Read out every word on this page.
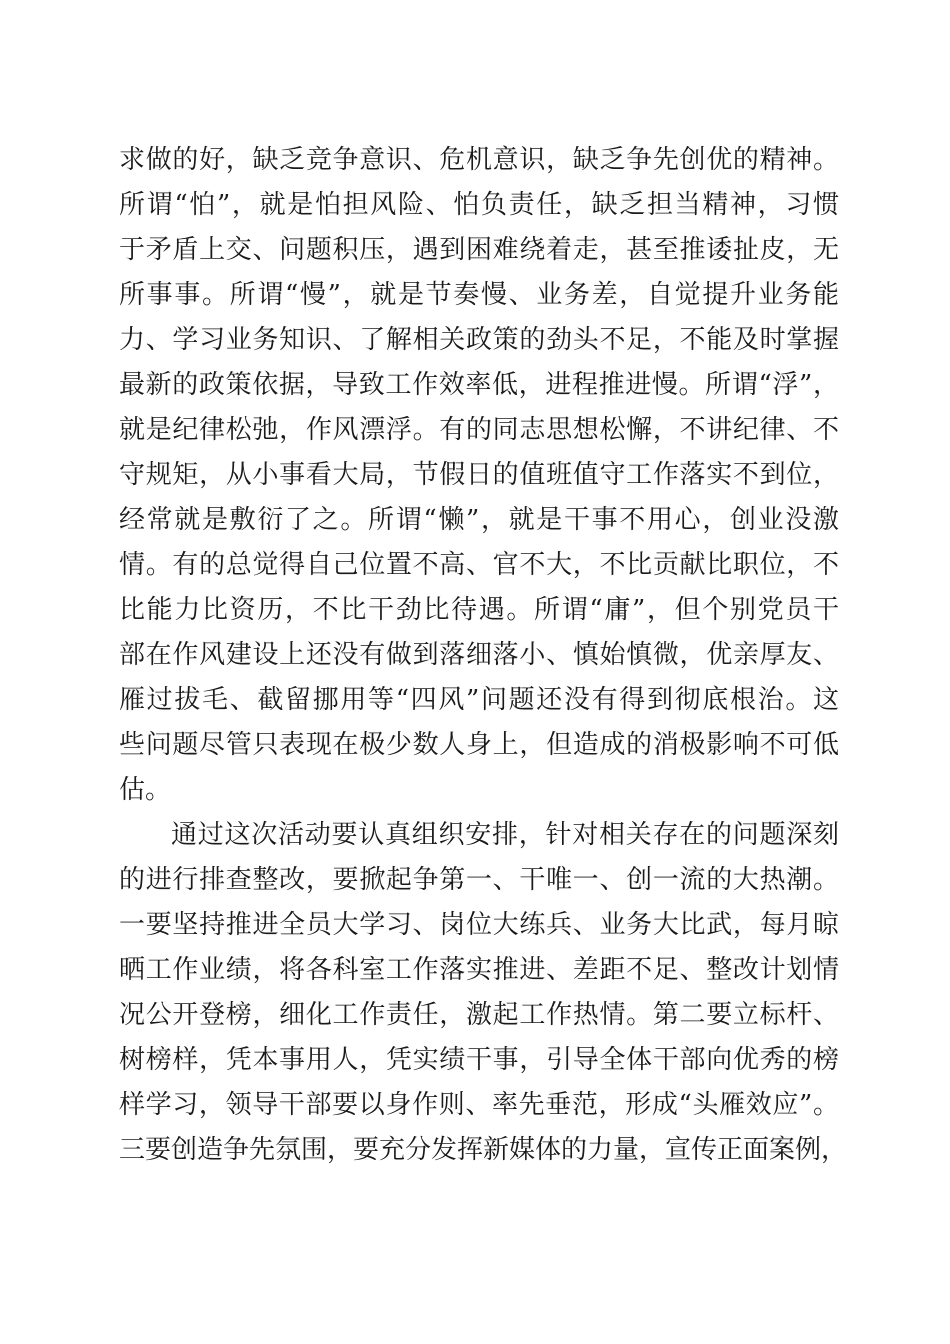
求做的好，缺乏竞争意识、危机意识，缺乏争先创优的精神。
所谓“怕”，就是怕担风险、怕负责任，缺乏担当精神，习惯
于矛盾上交、问题积压，遇到困难绕着走，甚至推诿扯皮，无
所事事。所谓“慢”，就是节奏慢、业务差，自觉提升业务能
力、学习业务知识、了解相关政策的劲头不足，不能及时掌握
最新的政策依据，导致工作效率低，进程推进慢。所谓“浮”，
就是纪律松弛，作风漂浮。有的同志思想松懈，不讲纪律、不
守规矩，从小事看大局，节假日的值班值守工作落实不到位，
经常就是敷衍了之。所谓“懒”，就是干事不用心，创业没激
情。有的总觉得自己位置不高、官不大，不比贡献比职位，不
比能力比资历，不比干劲比待遇。所谓“庸”，但个别党员干
部在作风建设上还没有做到落细落小、慎始慎微，优亲厚友、
雁过拔毛、截留挪用等“四风”问题还没有得到彻底根治。这
些问题尽管只表现在极少数人身上，但造成的消极影响不可低
估。
通过这次活动要认真组织安排，针对相关存在的问题深刻
的进行排查整改，要掀起争第一、干唯一、创一流的大热潮。
一要坚持推进全员大学习、岗位大练兵、业务大比武，每月晾
晒工作业绩，将各科室工作落实推进、差距不足、整改计划情
况公开登榜，细化工作责任，激起工作热情。第二要立标杆、
树榜样，凭本事用人，凭实绩干事，引导全体干部向优秀的榜
样学习，领导干部要以身作则、率先垂范，形成“头雁效应”。
三要创造争先氛围，要充分发挥新媒体的力量，宣传正面案例，
